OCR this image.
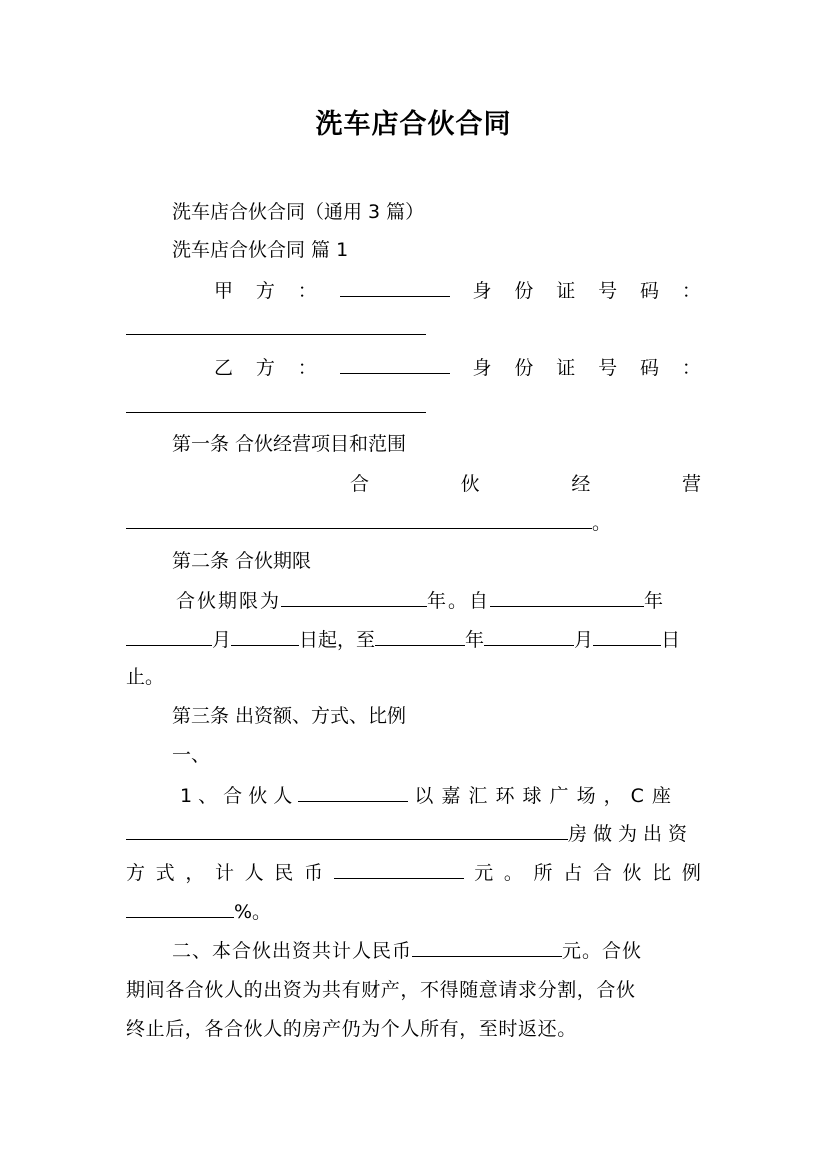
洗车店合伙合同
洗车店合伙合同（通用 3 篇）
洗车店合伙合同 篇 1
甲 方 ：	身 份 证 号 码 ：
乙 方 ：	身 份 证 号 码 ：
第一条 合伙经营项目和范围
合	伙	经	营
。
第二条 合伙期限
合伙期限为	年。自	年
月	日起，至	年	月	日
止。
第三条 出资额、方式、比例
一、
1 、 合 伙 人	以 嘉 汇 环 球 广 场 ， C 座
房做为出资
方 式 ， 计 人 民 币	元 。 所 占 合 伙 比 例
%。
二、本合伙出资共计人民币	元。合伙
期间各合伙人的出资为共有财产，不得随意请求分割，合伙
终止后，各合伙人的房产仍为个人所有，至时返还。
